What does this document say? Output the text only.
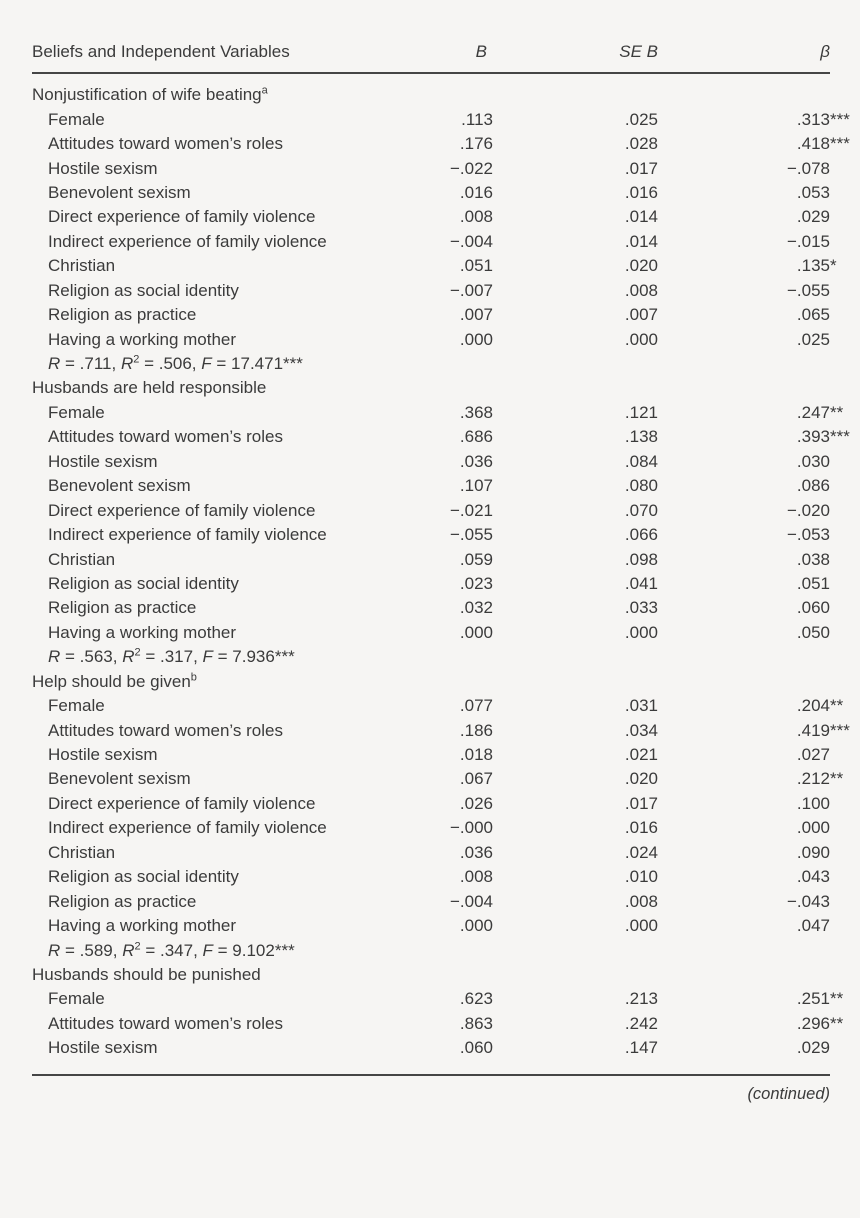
Beliefs and Independent Variables	B	SE B	β
Nonjustification of wife beating$^a$
Female	.113	.025	.313***
Attitudes toward women’s roles	.176	.028	.418***
Hostile sexism	−.022	.017	−.078
Benevolent sexism	.016	.016	.053
Direct experience of family violence	.008	.014	.029
Indirect experience of family violence	−.004	.014	−.015
Christian	.051	.020	.135*
Religion as social identity	−.007	.008	−.055
Religion as practice	.007	.007	.065
Having a working mother	.000	.000	.025
R = .711, $R^2 = .506$, F = 17.471***
Husbands are held responsible
Female	.368	.121	.247**
Attitudes toward women’s roles	.686	.138	.393***
Hostile sexism	.036	.084	.030
Benevolent sexism	.107	.080	.086
Direct experience of family violence	−.021	.070	−.020
Indirect experience of family violence	−.055	.066	−.053
Christian	.059	.098	.038
Religion as social identity	.023	.041	.051
Religion as practice	.032	.033	.060
Having a working mother	.000	.000	.050
R = .563, $R^2 = .317$, F = 7.936***
Help should be given$^b$
Female	.077	.031	.204**
Attitudes toward women’s roles	.186	.034	.419***
Hostile sexism	.018	.021	.027
Benevolent sexism	.067	.020	.212**
Direct experience of family violence	.026	.017	.100
Indirect experience of family violence	−.000	.016	.000
Christian	.036	.024	.090
Religion as social identity	.008	.010	.043
Religion as practice	−.004	.008	−.043
Having a working mother	.000	.000	.047
R = .589, $R^2 = .347$, F = 9.102***
Husbands should be punished
Female	.623	.213	.251**
Attitudes toward women’s roles	.863	.242	.296**
Hostile sexism	.060	.147	.029
(continued)
